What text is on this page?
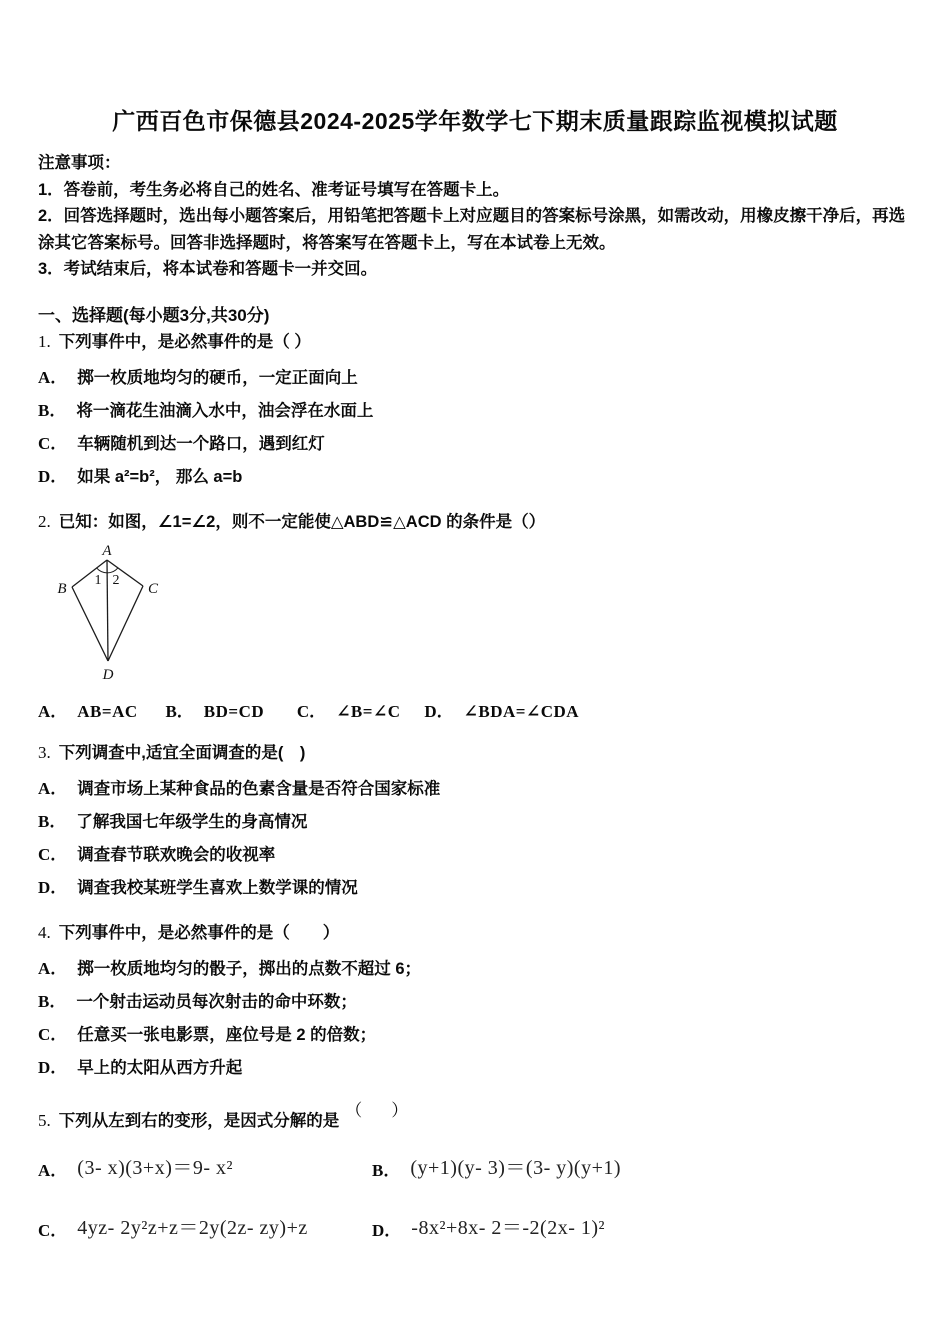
广西百色市保德县2024-2025学年数学七下期末质量跟踪监视模拟试题
注意事项：
1．答卷前，考生务必将自己的姓名、准考证号填写在答题卡上。
2．回答选择题时，选出每小题答案后，用铅笔把答题卡上对应题目的答案标号涂黑，如需改动，用橡皮擦干净后，再选涂其它答案标号。回答非选择题时，将答案写在答题卡上，写在本试卷上无效。
3．考试结束后，将本试卷和答题卡一并交回。
一、选择题(每小题3分,共30分)
1. 下列事件中，是必然事件的是（ ）
A． 掷一枚质地均匀的硬币，一定正面向上
B． 将一滴花生油滴入水中，油会浮在水面上
C． 车辆随机到达一个路口，遇到红灯
D． 如果 a²=b²， 那么 a=b
2. 已知：如图，∠1=∠2，则不一定能使△ABD≌△ACD 的条件是（）
A
B	C
D
1 2
A． AB=AC B． BD=CD C． ∠B=∠C D． ∠BDA=∠CDA
3. 下列调查中,适宜全面调查的是(　)
A． 调查市场上某种食品的色素含量是否符合国家标准
B． 了解我国七年级学生的身高情况
C． 调查春节联欢晚会的收视率
D． 调查我校某班学生喜欢上数学课的情况
4. 下列事件中，是必然事件的是（　　）
A． 掷一枚质地均匀的骰子，掷出的点数不超过 6；
B． 一个射击运动员每次射击的命中环数；
C． 任意买一张电影票，座位号是 2 的倍数；
D． 早上的太阳从西方升起
5. 下列从左到右的变形，是因式分解的是（　）
A． (3- x)(3+x)＝9- x²	B． (y+1)(y- 3)＝(3- y)(y+1)
C． 4yz- 2y²z+z＝2y(2z- zy)+z	D． -8x²+8x- 2＝-2(2x- 1)²
